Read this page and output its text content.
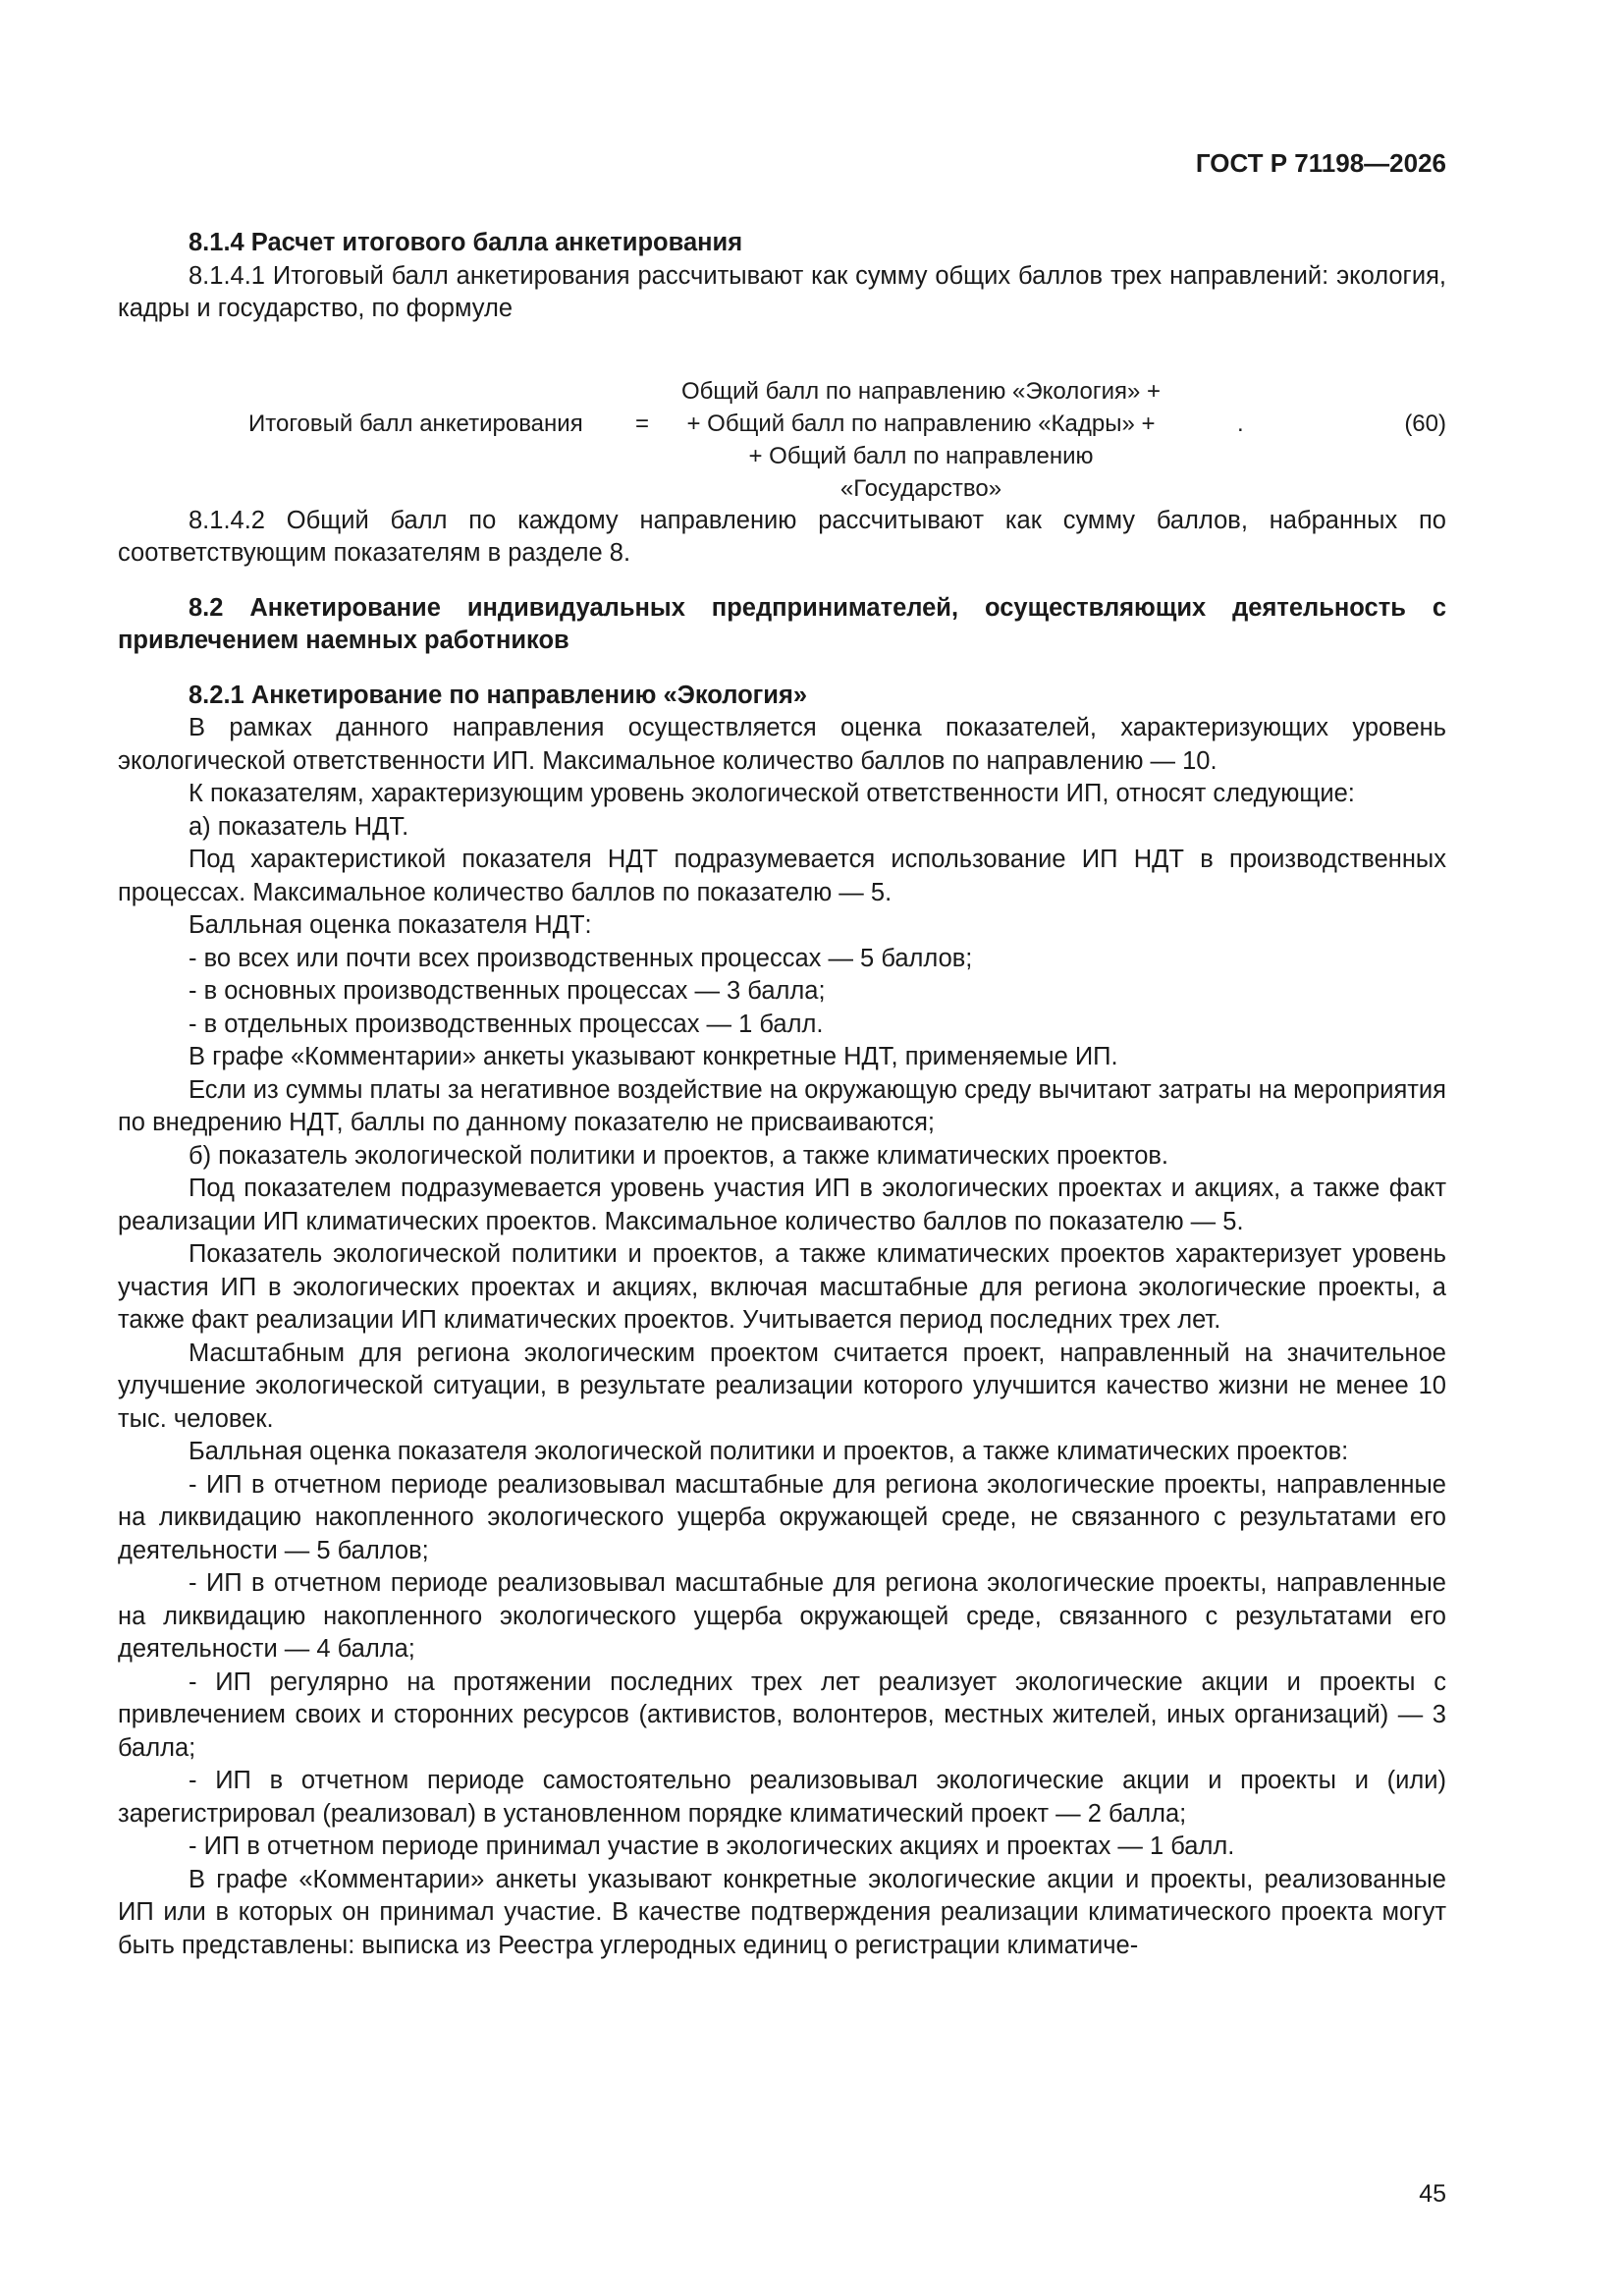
ГОСТ Р 71198—2026

8.1.4 Расчет итогового балла анкетирования

8.1.4.1 Итоговый балл анкетирования рассчитывают как сумму общих баллов трех направлений: экология, кадры и государство, по формуле

Итоговый балл анкетирования =
Общий балл по направлению «Экология» +
+ Общий балл по направлению «Кадры» +
+ Общий балл по направлению «Государство»
.	(60)

8.1.4.2 Общий балл по каждому направлению рассчитывают как сумму баллов, набранных по соответствующим показателям в разделе 8.

8.2 Анкетирование индивидуальных предпринимателей, осуществляющих деятельность с привлечением наемных работников

8.2.1 Анкетирование по направлению «Экология»

В рамках данного направления осуществляется оценка показателей, характеризующих уровень экологической ответственности ИП. Максимальное количество баллов по направлению — 10.

К показателям, характеризующим уровень экологической ответственности ИП, относят следующие:

а) показатель НДТ.

Под характеристикой показателя НДТ подразумевается использование ИП НДТ в производственных процессах. Максимальное количество баллов по показателю — 5.

Балльная оценка показателя НДТ:

- во всех или почти всех производственных процессах — 5 баллов;

- в основных производственных процессах — 3 балла;

- в отдельных производственных процессах — 1 балл.

В графе «Комментарии» анкеты указывают конкретные НДТ, применяемые ИП.

Если из суммы платы за негативное воздействие на окружающую среду вычитают затраты на мероприятия по внедрению НДТ, баллы по данному показателю не присваиваются;

б) показатель экологической политики и проектов, а также климатических проектов.

Под показателем подразумевается уровень участия ИП в экологических проектах и акциях, а также факт реализации ИП климатических проектов. Максимальное количество баллов по показателю — 5.

Показатель экологической политики и проектов, а также климатических проектов характеризует уровень участия ИП в экологических проектах и акциях, включая масштабные для региона экологические проекты, а также факт реализации ИП климатических проектов. Учитывается период последних трех лет.

Масштабным для региона экологическим проектом считается проект, направленный на значительное улучшение экологической ситуации, в результате реализации которого улучшится качество жизни не менее 10 тыс. человек.

Балльная оценка показателя экологической политики и проектов, а также климатических проектов:

- ИП в отчетном периоде реализовывал масштабные для региона экологические проекты, направленные на ликвидацию накопленного экологического ущерба окружающей среде, не связанного с результатами его деятельности — 5 баллов;

- ИП в отчетном периоде реализовывал масштабные для региона экологические проекты, направленные на ликвидацию накопленного экологического ущерба окружающей среде, связанного с результатами его деятельности — 4 балла;

- ИП регулярно на протяжении последних трех лет реализует экологические акции и проекты с привлечением своих и сторонних ресурсов (активистов, волонтеров, местных жителей, иных организаций) — 3 балла;

- ИП в отчетном периоде самостоятельно реализовывал экологические акции и проекты и (или) зарегистрировал (реализовал) в установленном порядке климатический проект — 2 балла;

- ИП в отчетном периоде принимал участие в экологических акциях и проектах — 1 балл.

В графе «Комментарии» анкеты указывают конкретные экологические акции и проекты, реализованные ИП или в которых он принимал участие. В качестве подтверждения реализации климатического проекта могут быть представлены: выписка из Реестра углеродных единиц о регистрации климатиче-

45
